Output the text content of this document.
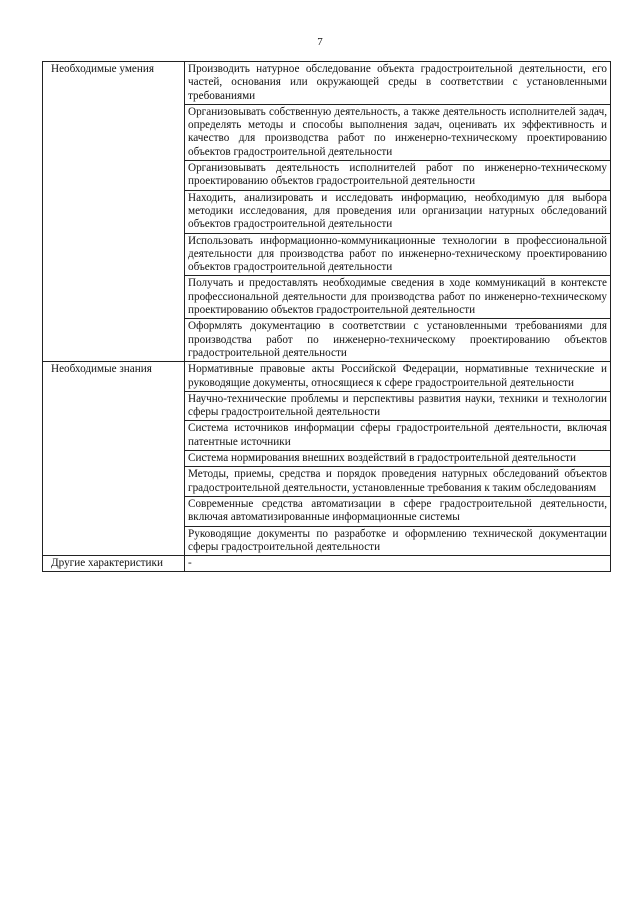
7
Необходимые умения	Производить натурное обследование объекта градостроительной деятельности, его частей, основания или окружающей среды в соответствии с установленными требованиями
	Организовывать собственную деятельность, а также деятельность исполнителей задач, определять методы и способы выполнения задач, оценивать их эффективность и качество для производства работ по инженерно-техническому проектированию объектов градостроительной деятельности
	Организовывать деятельность исполнителей работ по инженерно-техническому проектированию объектов градостроительной деятельности
	Находить, анализировать и исследовать информацию, необходимую для выбора методики исследования, для проведения или организации натурных обследований объектов градостроительной деятельности
	Использовать информационно-коммуникационные технологии в профессиональной деятельности для производства работ по инженерно-техническому проектированию объектов градостроительной деятельности
	Получать и предоставлять необходимые сведения в ходе коммуникаций в контексте профессиональной деятельности для производства работ по инженерно-техническому проектированию объектов градостроительной деятельности
	Оформлять документацию в соответствии с установленными требованиями для производства работ по инженерно-техническому проектированию объектов градостроительной деятельности
Необходимые знания	Нормативные правовые акты Российской Федерации, нормативные технические и руководящие документы, относящиеся к сфере градостроительной деятельности
	Научно-технические проблемы и перспективы развития науки, техники и технологии сферы градостроительной деятельности
	Система источников информации сферы градостроительной деятельности, включая патентные источники
	Система нормирования внешних воздействий в градостроительной деятельности
	Методы, приемы, средства и порядок проведения натурных обследований объектов градостроительной деятельности, установленные требования к таким обследованиям
	Современные средства автоматизации в сфере градостроительной деятельности, включая автоматизированные информационные системы
	Руководящие документы по разработке и оформлению технической документации сферы градостроительной деятельности
Другие характеристики	-
